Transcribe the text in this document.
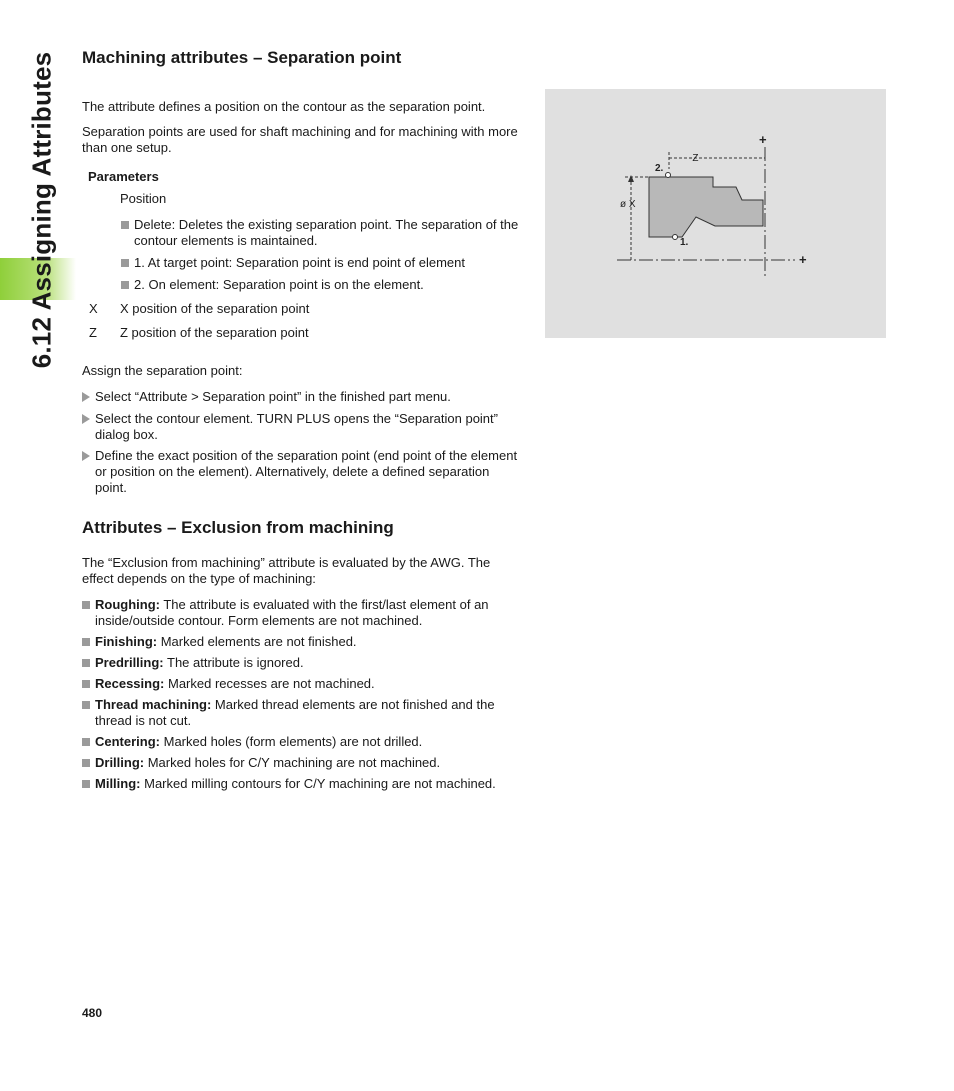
6.12 Assigning Attributes Machining attributes – Separation point

The attribute defines a position on the contour as the separation point.

Separation points are used for shaft machining and for machining with more than one setup.

Parameters

Position

Delete: Deletes the existing separation point. The separation of the contour elements is maintained.
1. At target point: Separation point is end point of element
2. On element: Separation point is on the element.
X X position of the separation point
Z Z position of the separation point

Assign the separation point:

Select “Attribute > Separation point” in the finished part menu.
Select the contour element. TURN PLUS opens the “Separation point” dialog box.
Define the exact position of the separation point (end point of the element or position on the element). Alternatively, delete a defined separation point.
Attributes – Exclusion from machining

The “Exclusion from machining” attribute is evaluated by the AWG. The effect depends on the type of machining:

Roughing: The attribute is evaluated with the first/last element of an inside/outside contour. Form elements are not machined.
Finishing: Marked elements are not finished.
Predrilling: The attribute is ignored.
Recessing: Marked recesses are not machined.
Thread machining: Marked thread elements are not finished and the thread is not cut.
Centering: Marked holes (form elements) are not drilled.
Drilling: Marked holes for C/Y machining are not machined.
Milling: Marked milling contours for C/Y machining are not machined.
2.
1.
-Z
ø X
+
+
480
